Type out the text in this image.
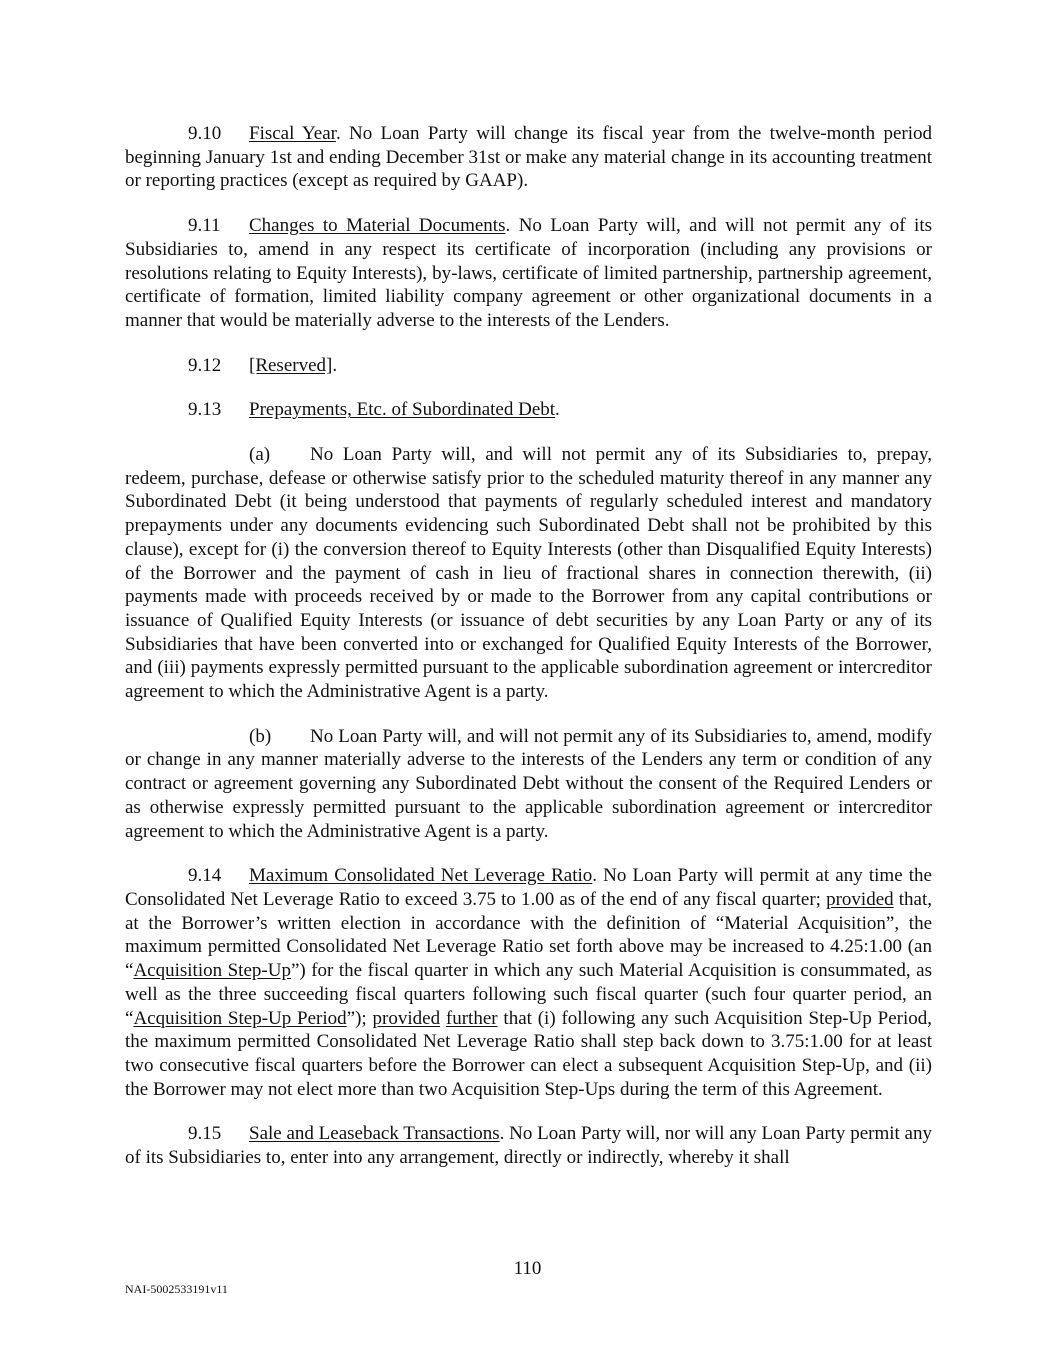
9.10 Fiscal Year. No Loan Party will change its fiscal year from the twelve-month period beginning January 1st and ending December 31st or make any material change in its accounting treatment or reporting practices (except as required by GAAP).

9.11 Changes to Material Documents. No Loan Party will, and will not permit any of its Subsidiaries to, amend in any respect its certificate of incorporation (including any provisions or resolutions relating to Equity Interests), by-laws, certificate of limited partnership, partnership agreement, certificate of formation, limited liability company agreement or other organizational documents in a manner that would be materially adverse to the interests of the Lenders.

9.12 [Reserved].

9.13 Prepayments, Etc. of Subordinated Debt.

(a) No Loan Party will, and will not permit any of its Subsidiaries to, prepay, redeem, purchase, defease or otherwise satisfy prior to the scheduled maturity thereof in any manner any Subordinated Debt (it being understood that payments of regularly scheduled interest and mandatory prepayments under any documents evidencing such Subordinated Debt shall not be prohibited by this clause), except for (i) the conversion thereof to Equity Interests (other than Disqualified Equity Interests) of the Borrower and the payment of cash in lieu of fractional shares in connection therewith, (ii) payments made with proceeds received by or made to the Borrower from any capital contributions or issuance of Qualified Equity Interests (or issuance of debt securities by any Loan Party or any of its Subsidiaries that have been converted into or exchanged for Qualified Equity Interests of the Borrower, and (iii) payments expressly permitted pursuant to the applicable subordination agreement or intercreditor agreement to which the Administrative Agent is a party.

(b) No Loan Party will, and will not permit any of its Subsidiaries to, amend, modify or change in any manner materially adverse to the interests of the Lenders any term or condition of any contract or agreement governing any Subordinated Debt without the consent of the Required Lenders or as otherwise expressly permitted pursuant to the applicable subordination agreement or intercreditor agreement to which the Administrative Agent is a party.

9.14 Maximum Consolidated Net Leverage Ratio. No Loan Party will permit at any time the Consolidated Net Leverage Ratio to exceed 3.75 to 1.00 as of the end of any fiscal quarter; provided that, at the Borrower’s written election in accordance with the definition of “Material Acquisition”, the maximum permitted Consolidated Net Leverage Ratio set forth above may be increased to 4.25:1.00 (an “Acquisition Step-Up”) for the fiscal quarter in which any such Material Acquisition is consummated, as well as the three succeeding fiscal quarters following such fiscal quarter (such four quarter period, an “Acquisition Step-Up Period”); provided further that (i) following any such Acquisition Step-Up Period, the maximum permitted Consolidated Net Leverage Ratio shall step back down to 3.75:1.00 for at least two consecutive fiscal quarters before the Borrower can elect a subsequent Acquisition Step-Up, and (ii) the Borrower may not elect more than two Acquisition Step-Ups during the term of this Agreement.

9.15 Sale and Leaseback Transactions. No Loan Party will, nor will any Loan Party permit any of its Subsidiaries to, enter into any arrangement, directly or indirectly, whereby it shall

110
NAI-5002533191v11
